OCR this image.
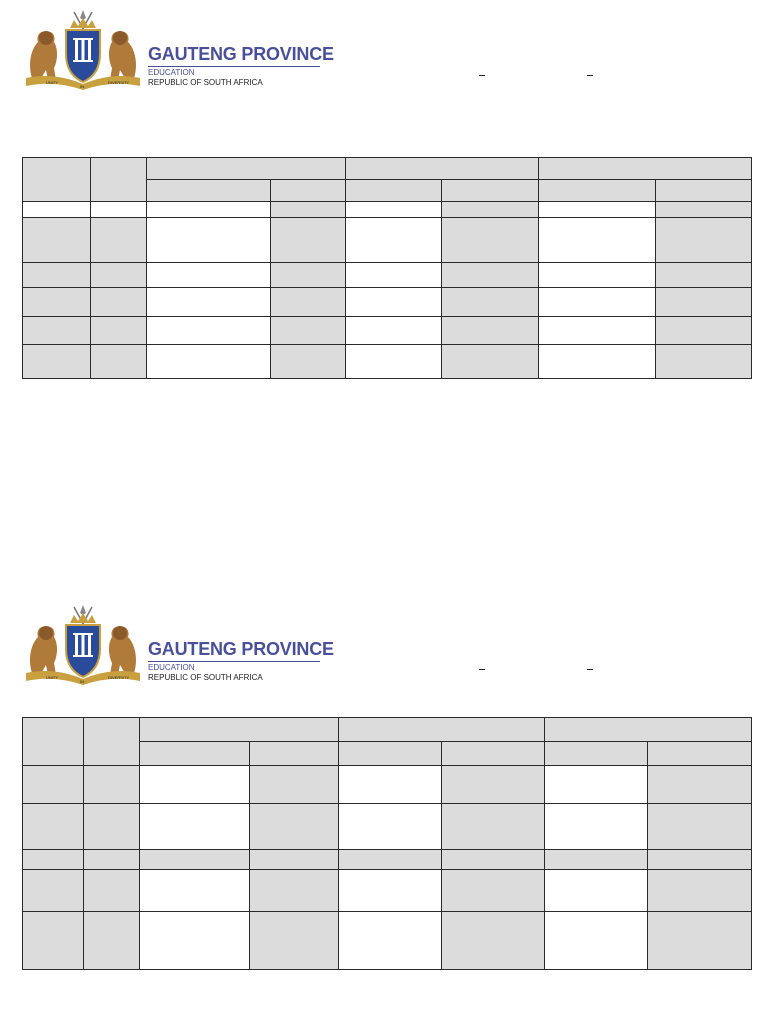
UNITY
IN
DIVERSITY
GAUTENG PROVINCE
EDUCATION
REPUBLIC OF SOUTH AFRICA

UNITY
IN
DIVERSITY
GAUTENG PROVINCE
EDUCATION
REPUBLIC OF SOUTH AFRICA
